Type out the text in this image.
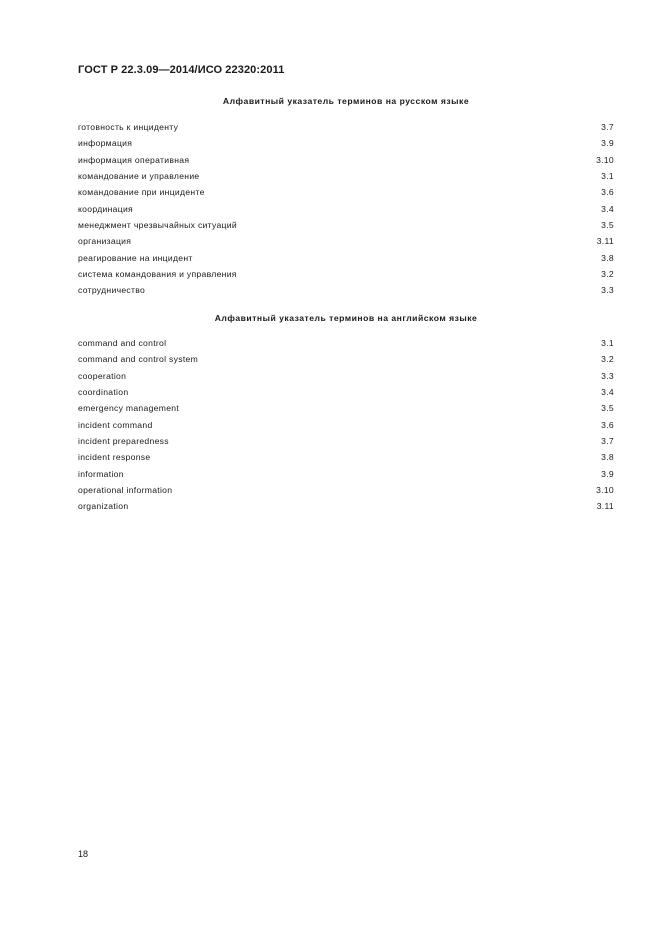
ГОСТ Р 22.3.09—2014/ИСО 22320:2011
Алфавитный указатель терминов на русском языке
готовность к инциденту	3.7
информация	3.9
информация оперативная	3.10
командование и управление	3.1
командование при инциденте	3.6
координация	3.4
менеджмент чрезвычайных ситуаций	3.5
организация	3.11
реагирование на инцидент	3.8
система командования и управления	3.2
сотрудничество	3.3
Алфавитный указатель терминов на английском языке
command and control	3.1
command and control system	3.2
cooperation	3.3
coordination	3.4
emergency management	3.5
incident command	3.6
incident preparedness	3.7
incident response	3.8
information	3.9
operational information	3.10
organization	3.11
18
